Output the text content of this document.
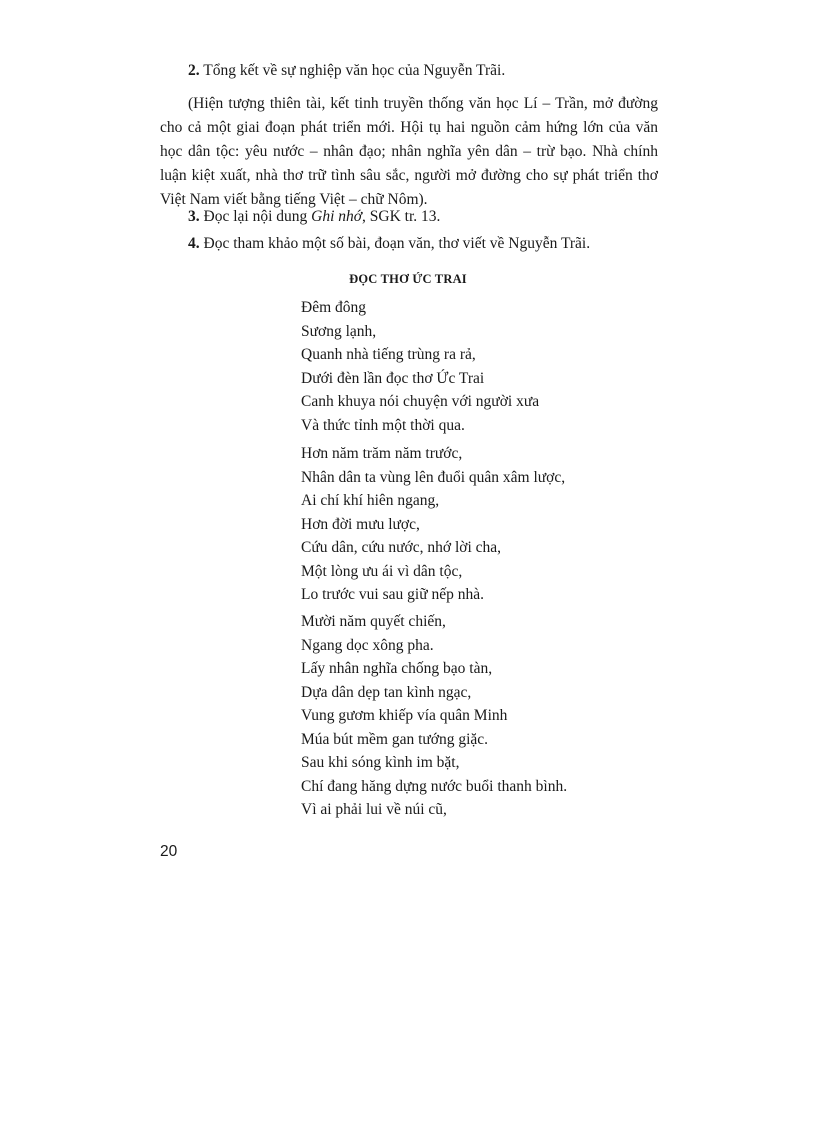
2. Tổng kết về sự nghiệp văn học của Nguyễn Trãi.

(Hiện tượng thiên tài, kết tinh truyền thống văn học Lí – Trần, mở đường cho cả một giai đoạn phát triển mới. Hội tụ hai nguồn cảm hứng lớn của văn học dân tộc: yêu nước – nhân đạo; nhân nghĩa yên dân – trừ bạo. Nhà chính luận kiệt xuất, nhà thơ trữ tình sâu sắc, người mở đường cho sự phát triển thơ Việt Nam viết bằng tiếng Việt – chữ Nôm).

3. Đọc lại nội dung Ghi nhớ, SGK tr. 13.

4. Đọc tham khảo một số bài, đoạn văn, thơ viết về Nguyễn Trãi.

ĐỌC THƠ ỨC TRAI
Đêm đông
Sương lạnh,
Quanh nhà tiếng trùng ra rả,
Dưới đèn lần đọc thơ Ức Trai
Canh khuya nói chuyện với người xưa
Và thức tỉnh một thời qua.
Hơn năm trăm năm trước,
Nhân dân ta vùng lên đuổi quân xâm lược,
Ai chí khí hiên ngang,
Hơn đời mưu lược,
Cứu dân, cứu nước, nhớ lời cha,
Một lòng ưu ái vì dân tộc,
Lo trước vui sau giữ nếp nhà.
Mười năm quyết chiến,
Ngang dọc xông pha.
Lấy nhân nghĩa chống bạo tàn,
Dựa dân dẹp tan kình ngạc,
Vung gươm khiếp vía quân Minh
Múa bút mềm gan tướng giặc.
Sau khi sóng kình im bặt,
Chí đang hăng dựng nước buổi thanh bình.
Vì ai phải lui về núi cũ,

20
